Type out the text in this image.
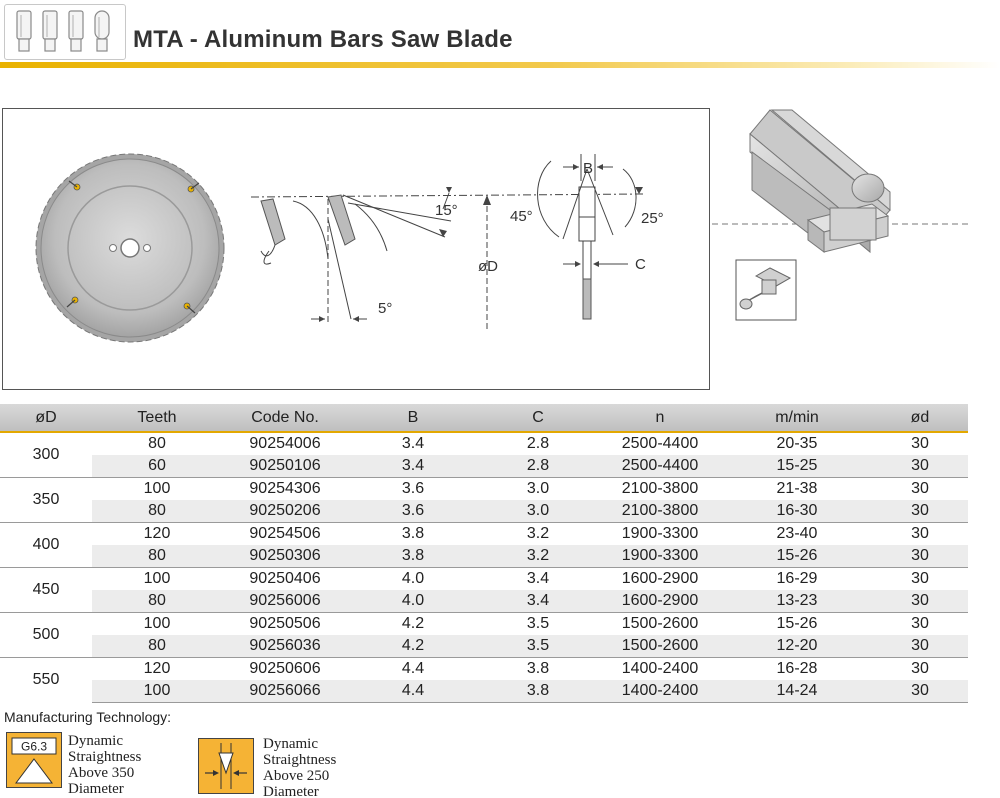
MTA - Aluminum Bars Saw Blade
15°
5°
45°	25°
øD
B
C
øD	Teeth	Code No.	B	C	n	m/min	ød
300	80	90254006	3.4	2.8	2500-4400	20-35	30
	60	90250106	3.4	2.8	2500-4400	15-25	30
350	100	90254306	3.6	3.0	2100-3800	21-38	30
	80	90250206	3.6	3.0	2100-3800	16-30	30
400	120	90254506	3.8	3.2	1900-3300	23-40	30
	80	90250306	3.8	3.2	1900-3300	15-26	30
450	100	90250406	4.0	3.4	1600-2900	16-29	30
	80	90256006	4.0	3.4	1600-2900	13-23	30
500	100	90250506	4.2	3.5	1500-2600	15-26	30
	80	90256036	4.2	3.5	1500-2600	12-20	30
550	120	90250606	4.4	3.8	1400-2400	16-28	30
	100	90256066	4.4	3.8	1400-2400	14-24	30
Manufacturing Technology:
G6.3 Dynamic
Straightness
Above 350
Diameter
Dynamic
Straightness
Above 250
Diameter
